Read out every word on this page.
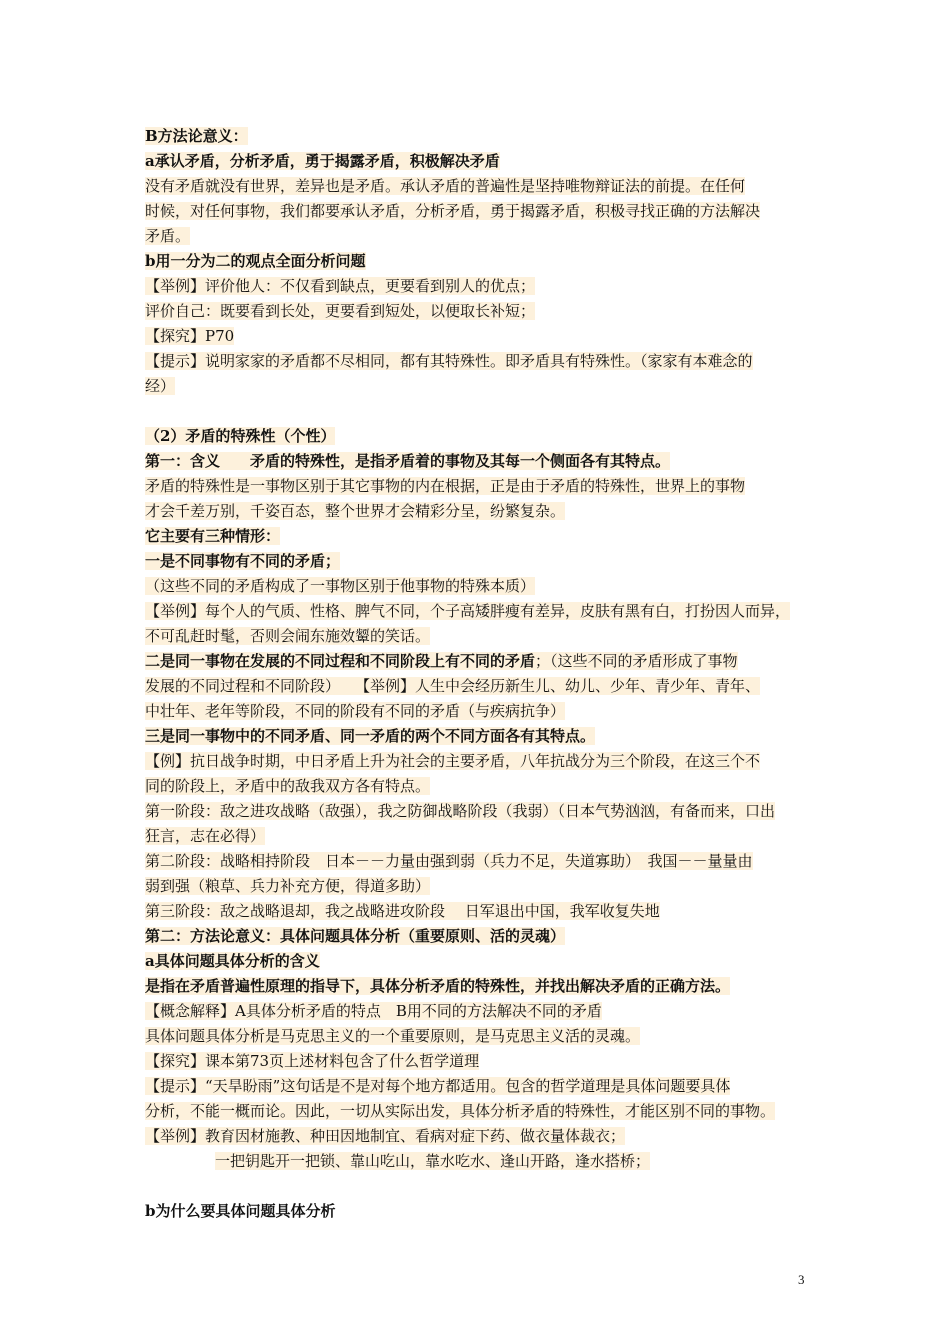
B方法论意义：
a承认矛盾，分析矛盾，勇于揭露矛盾，积极解决矛盾
没有矛盾就没有世界，差异也是矛盾。承认矛盾的普遍性是坚持唯物辩证法的前提。在任何
时候，对任何事物，我们都要承认矛盾，分析矛盾，勇于揭露矛盾，积极寻找正确的方法解决
矛盾。
b用一分为二的观点全面分析问题
【举例】评价他人：不仅看到缺点，更要看到别人的优点；
评价自己：既要看到长处，更要看到短处，以便取长补短；
【探究】P70
【提示】说明家家的矛盾都不尽相同，都有其特殊性。即矛盾具有特殊性。（家家有本难念的
经）
（2）矛盾的特殊性（个性）
第一：含义　　矛盾的特殊性，是指矛盾着的事物及其每一个侧面各有其特点。
矛盾的特殊性是一事物区别于其它事物的内在根据，正是由于矛盾的特殊性，世界上的事物
才会千差万别，千姿百态，整个世界才会精彩分呈，纷繁复杂。
它主要有三种情形：
一是不同事物有不同的矛盾；
（这些不同的矛盾构成了一事物区别于他事物的特殊本质）
【举例】每个人的气质、性格、脾气不同，个子高矮胖瘦有差异，皮肤有黑有白，打扮因人而异，
不可乱赶时髦，否则会闹东施效颦的笑话。
二是同一事物在发展的不同过程和不同阶段上有不同的矛盾；（这些不同的矛盾形成了事物
发展的不同过程和不同阶段）　　【举例】人生中会经历新生儿、幼儿、少年、青少年、青年、
中壮年、老年等阶段，不同的阶段有不同的矛盾（与疾病抗争）
三是同一事物中的不同矛盾、同一矛盾的两个不同方面各有其特点。
【例】抗日战争时期，中日矛盾上升为社会的主要矛盾，八年抗战分为三个阶段，在这三个不
同的阶段上，矛盾中的敌我双方各有特点。
第一阶段：敌之进攻战略（敌强），我之防御战略阶段（我弱）（日本气势汹汹，有备而来，口出
狂言，志在必得）
第二阶段：战略相持阶段　日本－－力量由强到弱（兵力不足，失道寡助）　我国－－量量由
弱到强（粮草、兵力补充方便，得道多助）
第三阶段：敌之战略退却，我之战略进攻阶段　 日军退出中国，我军收复失地
第二：方法论意义：具体问题具体分析（重要原则、活的灵魂）
a具体问题具体分析的含义
是指在矛盾普遍性原理的指导下，具体分析矛盾的特殊性，并找出解决矛盾的正确方法。
【概念解释】A具体分析矛盾的特点　B用不同的方法解决不同的矛盾
具体问题具体分析是马克思主义的一个重要原则，是马克思主义活的灵魂。
【探究】课本第73页上述材料包含了什么哲学道理
【提示】“天旱盼雨”这句话是不是对每个地方都适用。包含的哲学道理是具体问题要具体
分析，不能一概而论。因此，一切从实际出发，具体分析矛盾的特殊性，才能区别不同的事物。
【举例】教育因材施教、种田因地制宜、看病对症下药、做衣量体裁衣；
一把钥匙开一把锁、靠山吃山，靠水吃水、逢山开路，逢水搭桥；
b为什么要具体问题具体分析
3
